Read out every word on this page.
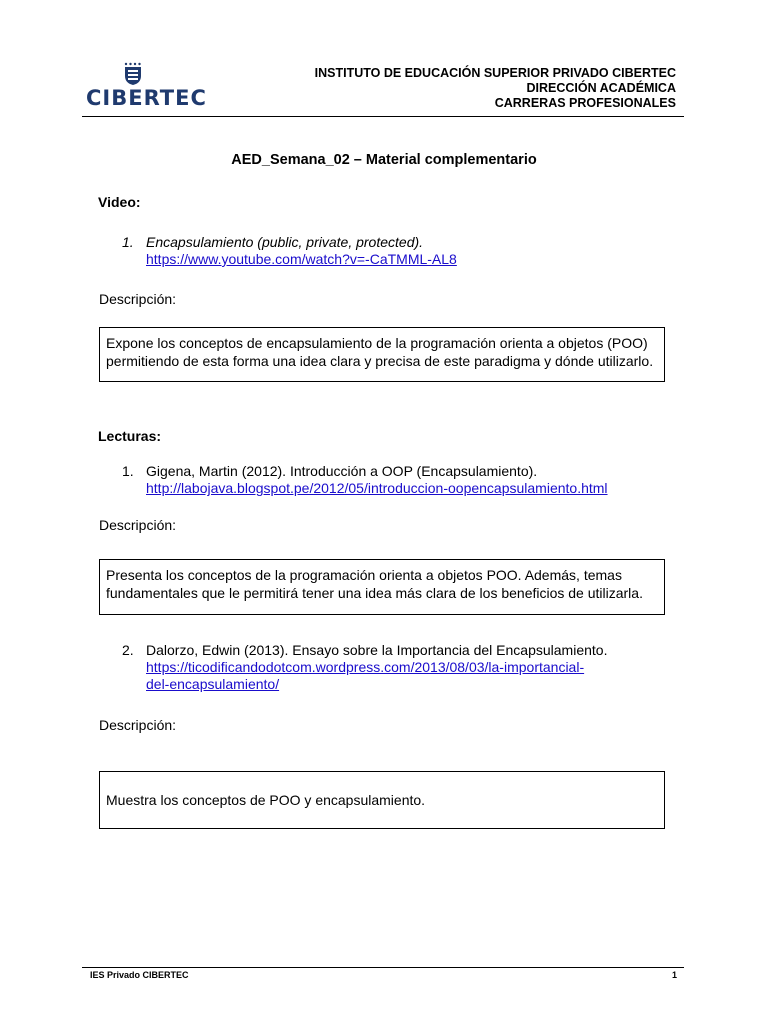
CIBERTEC
INSTITUTO DE EDUCACIÓN SUPERIOR PRIVADO CIBERTEC
DIRECCIÓN ACADÉMICA
CARRERAS PROFESIONALES
AED_Semana_02 – Material complementario
Video:
1. Encapsulamiento (public, private, protected).
https://www.youtube.com/watch?v=-CaTMML-AL8
Descripción:
Expone los conceptos de encapsulamiento de la programación orienta a objetos (POO) permitiendo de esta forma una idea clara y precisa de este paradigma y dónde utilizarlo.
Lecturas:
1. Gigena, Martin (2012). Introducción a OOP (Encapsulamiento).
http://labojava.blogspot.pe/2012/05/introduccion-oopencapsulamiento.html
Descripción:
Presenta los conceptos de la programación orienta a objetos POO. Además, temas fundamentales que le permitirá tener una idea más clara de los beneficios de utilizarla.
2. Dalorzo, Edwin (2013). Ensayo sobre la Importancia del Encapsulamiento.
https://ticodificandodotcom.wordpress.com/2013/08/03/la-importancial-
del-encapsulamiento/
Descripción:
Muestra los conceptos de POO y encapsulamiento.
IES Privado CIBERTEC	1
